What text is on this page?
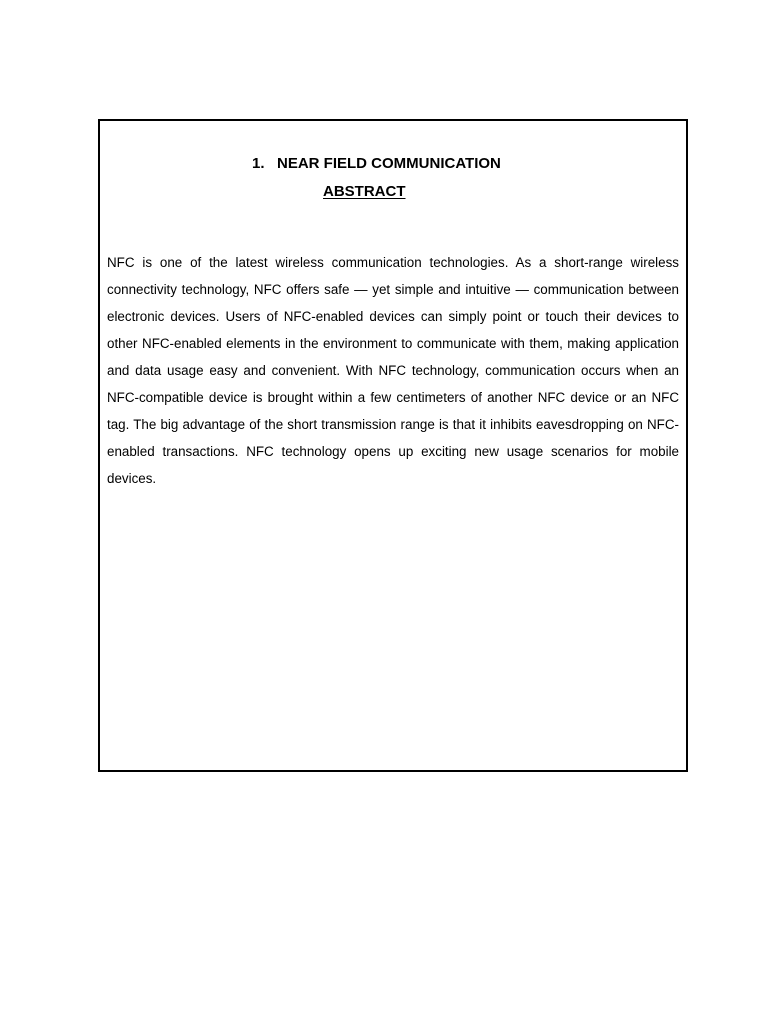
1. NEAR FIELD COMMUNICATION
ABSTRACT

NFC is one of the latest wireless communication technologies. As a short-range wireless connectivity technology, NFC offers safe — yet simple and intuitive — communication between electronic devices. Users of NFC-enabled devices can simply point or touch their devices to other NFC-enabled elements in the environment to communicate with them, making application and data usage easy and convenient. With NFC technology, communication occurs when an NFC-compatible device is brought within a few centimeters of another NFC device or an NFC tag. The big advantage of the short transmission range is that it inhibits eavesdropping on NFC-enabled transactions. NFC technology opens up exciting new usage scenarios for mobile devices.
